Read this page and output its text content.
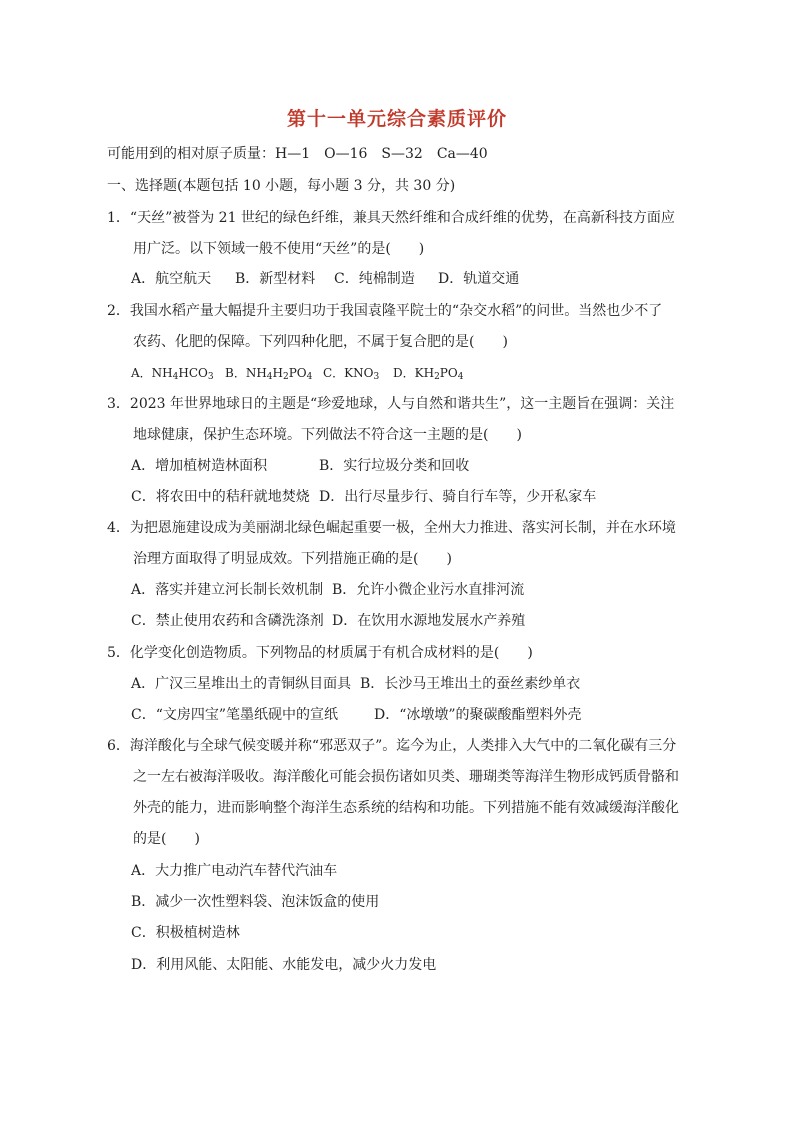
第十一单元综合素质评价
可能用到的相对原子质量：H—1　O—16　S—32　Ca—40
一、选择题(本题包括 10 小题，每小题 3 分，共 30 分)
1．“天丝”被誉为 21 世纪的绿色纤维，兼具天然纤维和合成纤维的优势，在高新科技方面应
用广泛。以下领域一般不使用“天丝”的是(　　)
A．航空航天 B．新型材料 C．纯棉制造 D．轨道交通
2．我国水稻产量大幅提升主要归功于我国袁隆平院士的“杂交水稻”的问世。当然也少不了
农药、化肥的保障。下列四种化肥，不属于复合肥的是(　　)
A．$NH_4HCO_3$ B．$NH_4H_2PO_4$ C．$KNO_3$ D．$KH_2PO_4$
3．2023 年世界地球日的主题是“珍爱地球，人与自然和谐共生”，这一主题旨在强调：关注
地球健康，保护生态环境。下列做法不符合这一主题的是(　　)
A．增加植树造林面积	B．实行垃圾分类和回收
C．将农田中的秸秆就地焚烧 D．出行尽量步行、骑自行车等，少开私家车
4．为把恩施建设成为美丽湖北绿色崛起重要一极，全州大力推进、落实河长制，并在水环境
治理方面取得了明显成效。下列措施正确的是(　　)
A．落实并建立河长制长效机制 B．允许小微企业污水直排河流
C．禁止使用农药和含磷洗涤剂 D．在饮用水源地发展水产养殖
5．化学变化创造物质。下列物品的材质属于有机合成材料的是(　　)
A．广汉三星堆出土的青铜纵目面具 B．长沙马王堆出土的蚕丝素纱单衣
C．“文房四宝”笔墨纸砚中的宣纸	D．“冰墩墩”的聚碳酸酯塑料外壳
6．海洋酸化与全球气候变暖并称“邪恶双子”。迄今为止，人类排入大气中的二氧化碳有三分
之一左右被海洋吸收。海洋酸化可能会损伤诸如贝类、珊瑚类等海洋生物形成钙质骨骼和
外壳的能力，进而影响整个海洋生态系统的结构和功能。下列措施不能有效减缓海洋酸化
的是(　　)
A．大力推广电动汽车替代汽油车
B．减少一次性塑料袋、泡沫饭盒的使用
C．积极植树造林
D．利用风能、太阳能、水能发电，减少火力发电
